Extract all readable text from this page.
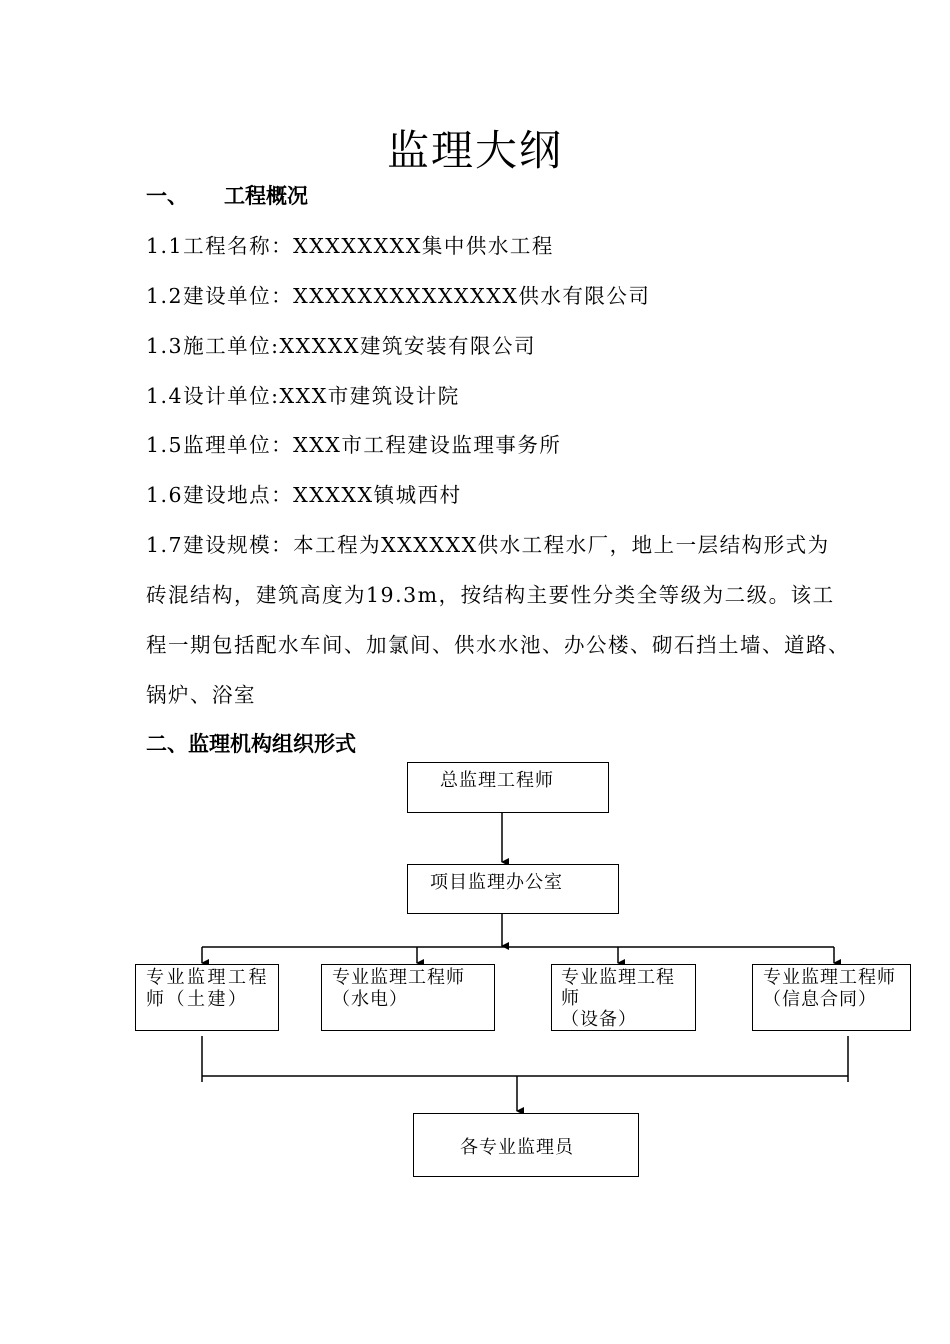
监理大纲
一、 工程概况
1.1工程名称：XXXXXXXX集中供水工程
1.2建设单位：XXXXXXXXXXXXXX供水有限公司
1.3施工单位:XXXXX建筑安装有限公司
1.4设计单位:XXX市建筑设计院
1.5监理单位：XXX市工程建设监理事务所
1.6建设地点：XXXXX镇城西村
1.7建设规模：本工程为XXXXXX供水工程水厂，地上一层结构形式为
砖混结构，建筑高度为19.3m，按结构主要性分类全等级为二级。该工
程一期包括配水车间、加氯间、供水水池、办公楼、砌石挡土墙、道路、
锅炉、浴室
二、监理机构组织形式
总监理工程师
项目监理办公室
专业监理工程
师（土建）
专业监理工程师
（水电）
专业监理工程
师
（设备）
专业监理工程师
（信息合同）
各专业监理员
